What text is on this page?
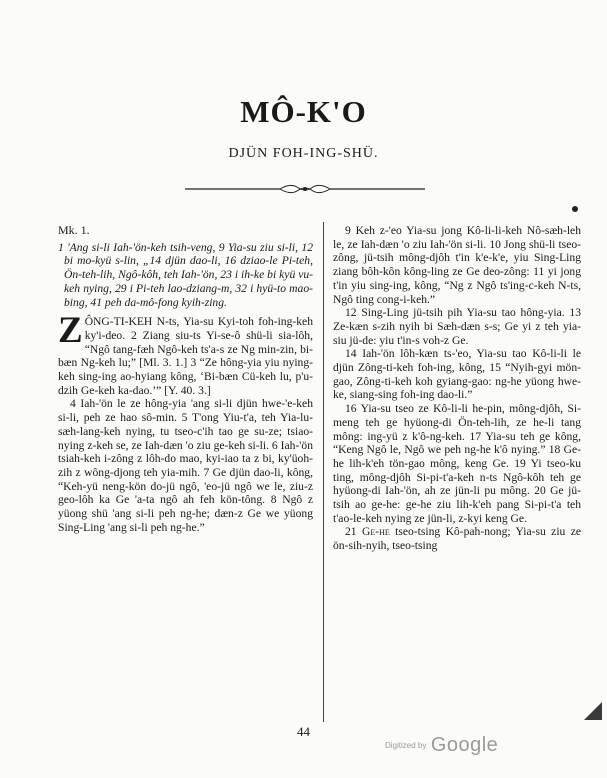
MÔ-K'O
DJÜN FOH-ING-SHÜ.

Mk. 1.

1 'Ang si-li Iah-'ön-keh tsih-veng, 9 Yia-su ziu si-li, 12 bi mo-kyü s-lin, „14 djün dao-li, 16 dziao-le Pi-teh, Ön-teh-lih, Ngô-kôh, teh Iah-'ön, 23 i ih-ke bi kyü vu-keh nying, 29 i Pi-teh lao-dziang-m, 32 i hyü-to mao-bing, 41 peh da-mô-fong kyih-zing.

ZÔNG-TI-KEH N-ts, Yia-su Kyi-toh foh-ing-keh ky'i-deo. 2 Ziang siu-ts Yi-se-ô shü-li sia-lôh, “Ngô tang-fæh Ngô-keh ts'a-s ze Ng min-zin, bi-bæn Ng-keh lu;” [Ml. 3. 1.] 3 “Ze hông-yia yiu nying-keh sing-ing ao-hyiang kông, ‘Bi-bæn Cü-keh lu, p'u-dzih Ge-keh ka-dao.’” [Y. 40. 3.]

4 Iah-'ön le ze hông-yia 'ang si-li djün hwe-'e-keh si-li, peh ze hao sô-min. 5 T'ong Yiu-t'a, teh Yia-lu-sæh-lang-keh nying, tu tseo-c'ih tao ge su-ze; tsiao-nying z-keh se, ze Iah-dæn 'o ziu ge-keh si-li. 6 Iah-'ön tsiah-keh i-zông z lôh-do mao, kyi-iao ta z bi, ky'üoh-zih z wông-djong teh yia-mih. 7 Ge djün dao-li, kông, “Keh-yü neng-kön do-jü ngô, 'eo-jü ngô we le, ziu-z geo-lôh ka Ge 'a-ta ngô ah feh kön-tông. 8 Ngô z yüong shü 'ang si-li peh ng-he; dæn-z Ge we yüong Sing-Ling 'ang si-li peh ng-he.”

9 Keh z-'eo Yia-su jong Kô-li-li-keh Nô-sæh-leh le, ze Iah-dæn 'o ziu Iah-'ön si-li. 10 Jong shü-li tseo-zông, jü-tsih mông-djôh t'in k'e-k'e, yiu Sing-Ling ziang bôh-kôn kông-ling ze Ge deo-zông: 11 yi jong t'in yiu sing-ing, kông, “Ng z Ngô ts'ing-c-keh N-ts, Ngô ting cong-i-keh.”

12 Sing-Ling jü-tsih pih Yia-su tao hông-yia. 13 Ze-kæn s-zih nyih bi Sæh-dæn s-s; Ge yi z teh yia-siu jü-de: yiu t'in-s voh-z Ge.

14 Iah-'ön lôh-kæn ts-'eo, Yia-su tao Kô-li-li le djün Zông-ti-keh foh-ing, kông, 15 “Nyih-gyi mön-gao, Zông-ti-keh koh gyiang-gao: ng-he yüong hwe-ke, siang-sing foh-ing dao-li.”

16 Yia-su tseo ze Kô-li-li he-pin, mông-djôh, Si-meng teh ge hyüong-di Ön-teh-lih, ze he-li tang mông: ing-yü z k'ô-ng-keh. 17 Yia-su teh ge kông, “Keng Ngô le, Ngô we peh ng-he k'ô nying.” 18 Ge-he lih-k'eh tön-gao mông, keng Ge. 19 Yi tseo-ku ting, mông-djôh Si-pi-t'a-keh n-ts Ngô-kôh teh ge hyüong-di Iah-'ön, ah ze jün-li pu mông. 20 Ge jü-tsih ao ge-he: ge-he ziu lih-k'eh pang Si-pi-t'a teh t'ao-le-keh nying ze jün-li, z-kyi keng Ge.

21 Ge-he tseo-tsing Kô-pah-nong; Yia-su ziu ze ön-sih-nyih, tseo-tsing

44
Digitized by Google
